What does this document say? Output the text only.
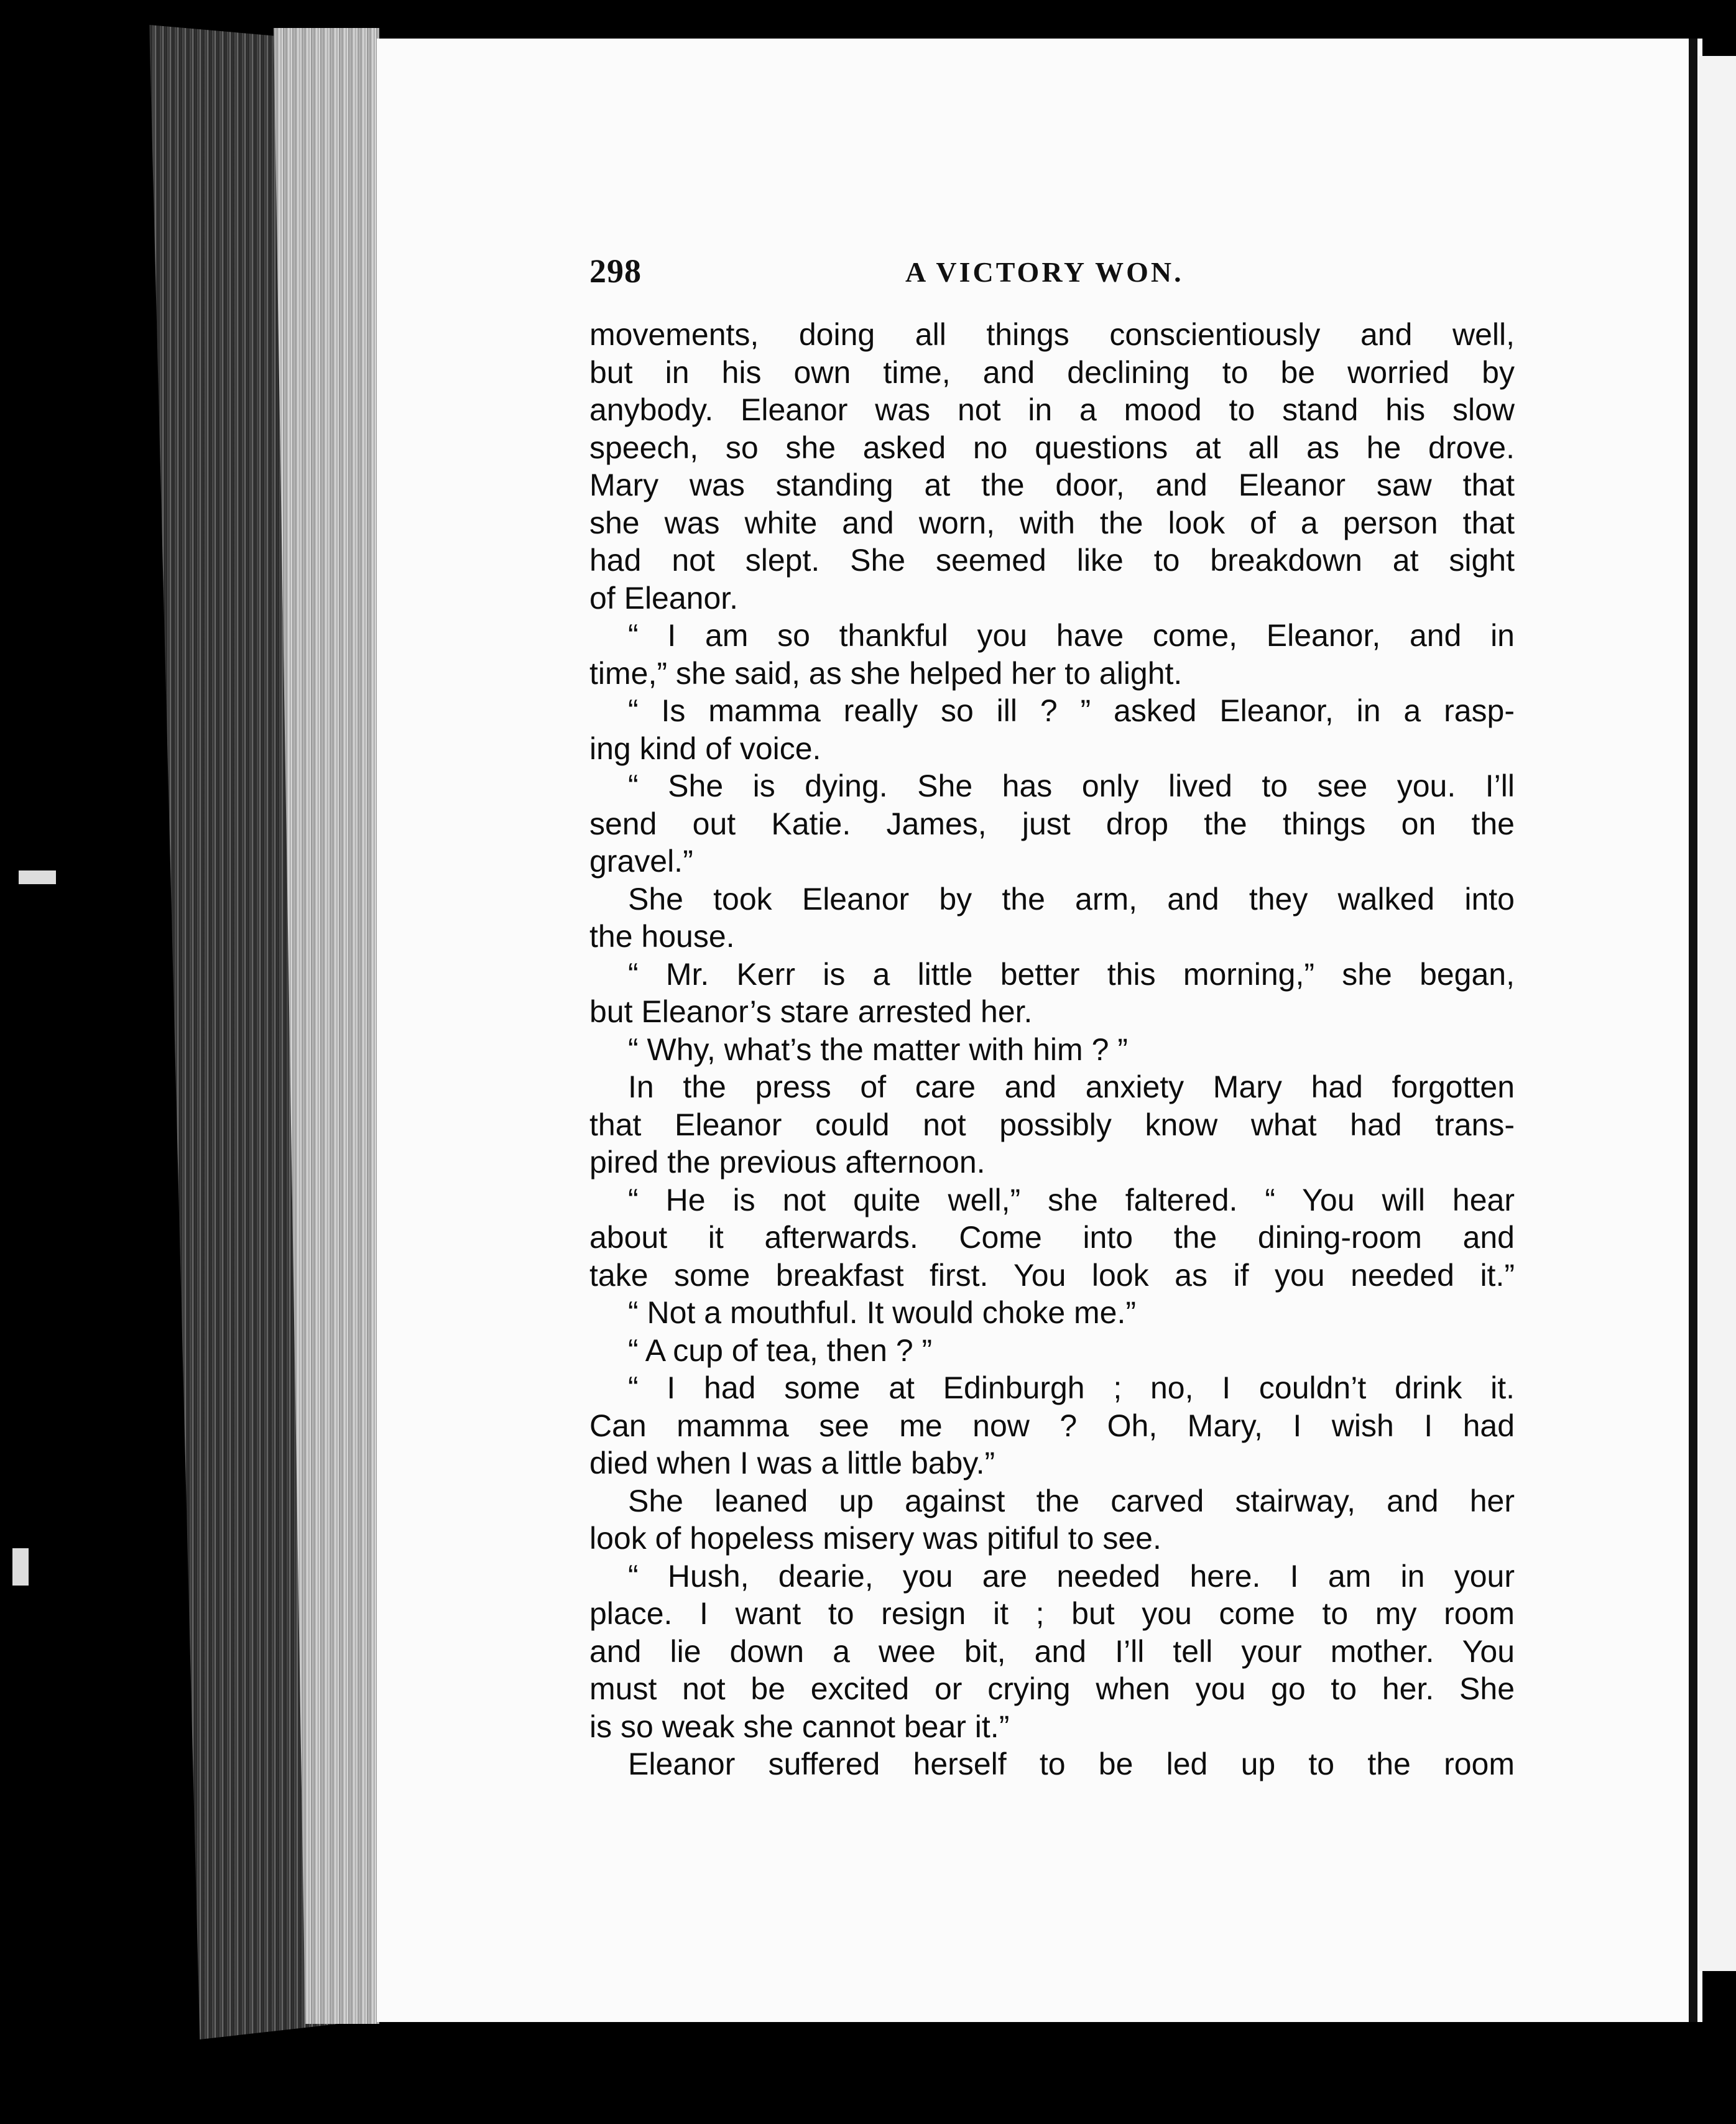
298	A VICTORY WON.
movements, doing all things conscientiously and well,
but in his own time, and declining to be worried by
anybody. Eleanor was not in a mood to stand his slow
speech, so she asked no questions at all as he drove.
Mary was standing at the door, and Eleanor saw that
she was white and worn, with the look of a person that
had not slept. She seemed like to breakdown at sight
of Eleanor.
“ I am so thankful you have come, Eleanor, and in
time,” she said, as she helped her to alight.
“ Is mamma really so ill ? ” asked Eleanor, in a rasp-
ing kind of voice.
“ She is dying. She has only lived to see you. I’ll
send out Katie. James, just drop the things on the
gravel.”
She took Eleanor by the arm, and they walked into
the house.
“ Mr. Kerr is a little better this morning,” she began,
but Eleanor’s stare arrested her.
“ Why, what’s the matter with him ? ”
In the press of care and anxiety Mary had forgotten
that Eleanor could not possibly know what had trans-
pired the previous afternoon.
“ He is not quite well,” she faltered. “ You will hear
about it afterwards. Come into the dining-room and
take some breakfast first. You look as if you needed it.”
“ Not a mouthful. It would choke me.”
“ A cup of tea, then ? ”
“ I had some at Edinburgh ; no, I couldn’t drink it.
Can mamma see me now ? Oh, Mary, I wish I had
died when I was a little baby.”
She leaned up against the carved stairway, and her
look of hopeless misery was pitiful to see.
“ Hush, dearie, you are needed here. I am in your
place. I want to resign it ; but you come to my room
and lie down a wee bit, and I’ll tell your mother. You
must not be excited or crying when you go to her. She
is so weak she cannot bear it.”
Eleanor suffered herself to be led up to the room
